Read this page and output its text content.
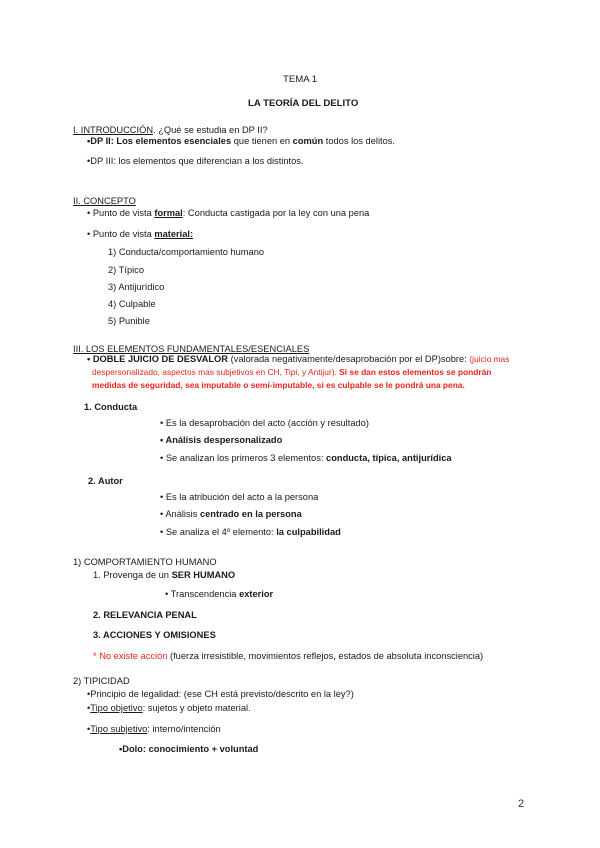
TEMA 1
LA TEORÍA DEL DELITO
I. INTRODUCCIÓN. ¿Qué se estudia en DP II?
•DP II: Los elementos esenciales que tienen en común todos los delitos.
•DP III: los elementos que diferencian a los distintos.
II. CONCEPTO
• Punto de vista formal: Conducta castigada por la ley con una pena
• Punto de vista material:
1) Conducta/comportamiento humano
2) Típico
3) Antijurídico
4) Culpable
5) Punible
III. LOS ELEMENTOS FUNDAMENTALES/ESENCIALES
• DOBLE JUICIO DE DESVALOR (valorada negativamente/desaprobación por el DP)sobre: (juicio mas
despersonalizado, aspectos mas subjetivos en CH, Tipi, y Antijur). Si se dan estos elementos se pondrán
medidas de seguridad, sea imputable o semi-imputable, si es culpable se le pondrá una pena.
1. Conducta
• Es la desaprobación del acto (acción y resultado)
• Análisis despersonalizado
• Se analizan los primeros 3 elementos: conducta, típica, antijurídica
2. Autor
• Es la atribución del acto a la persona
• Análisis centrado en la persona
• Se analiza el 4º elemento: la culpabilidad
1) COMPORTAMIENTO HUMANO
1. Provenga de un SER HUMANO
• Transcendencia exterior
2. RELEVANCIA PENAL
3. ACCIONES Y OMISIONES
* No existe acción (fuerza irresistible, movimientos reflejos, estados de absoluta inconsciencia)
2) TIPICIDAD
•Principio de legalidad: (ese CH está previsto/descrito en la ley?)
•Tipo objetivo: sujetos y objeto material.
•Tipo subjetivo: interno/intención
•Dolo: conocimiento + voluntad
2
